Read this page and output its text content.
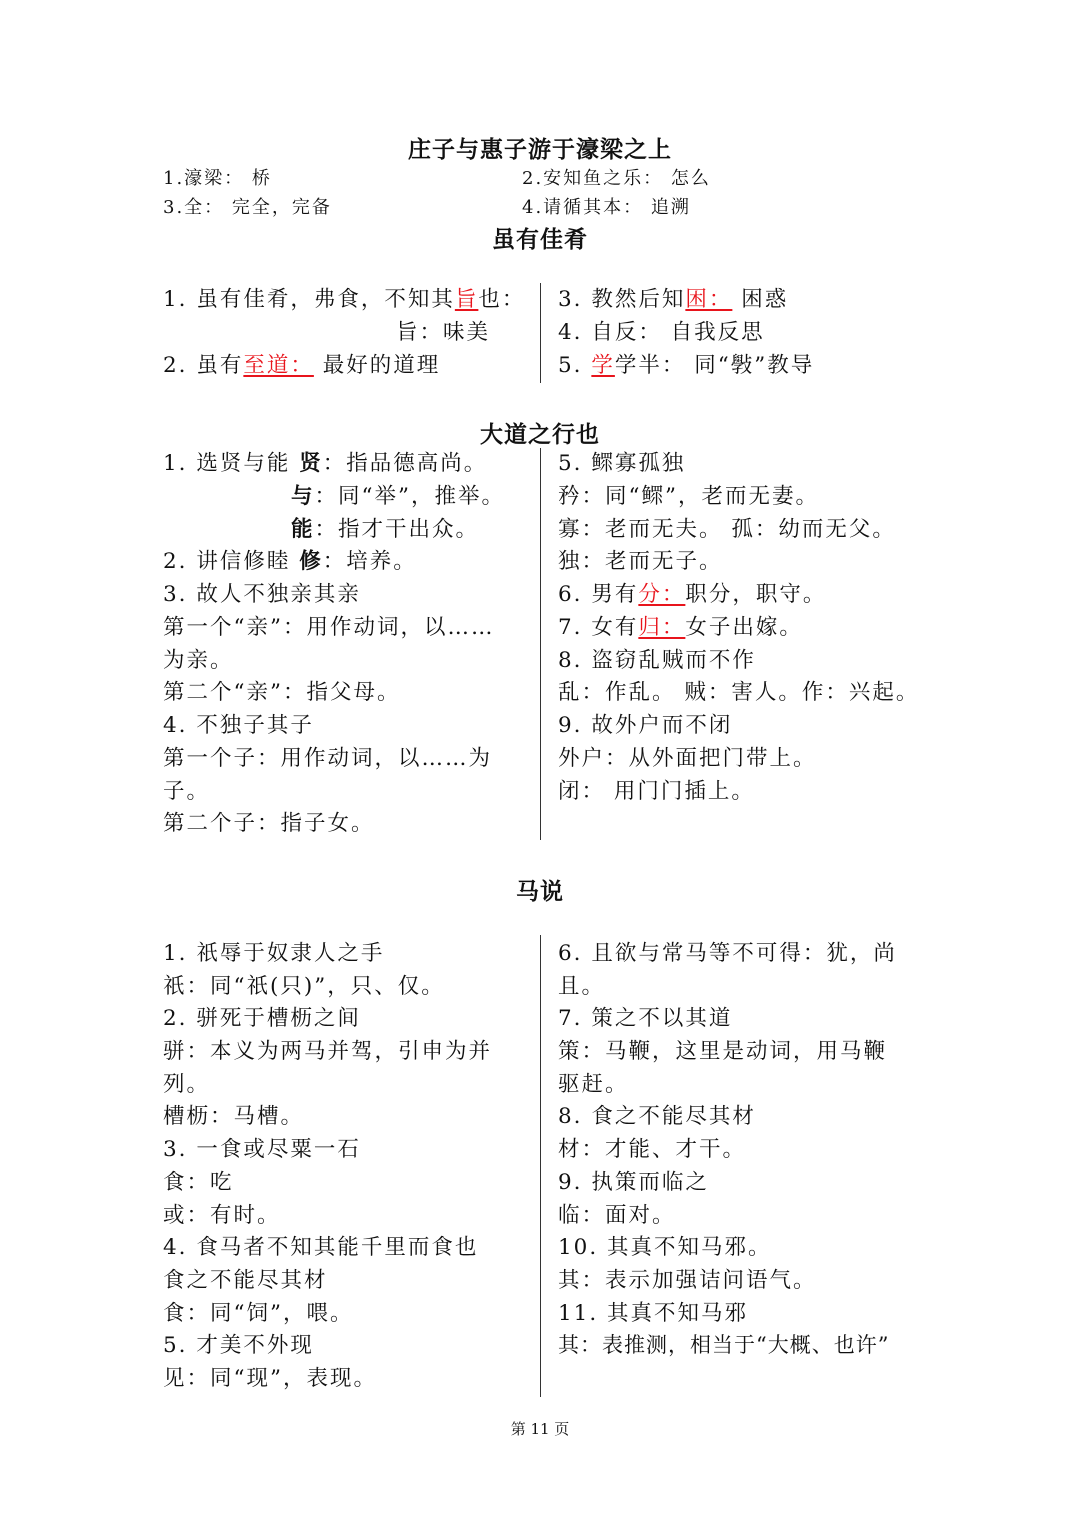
庄子与惠子游于濠梁之上
1.濠梁： 桥	2.安知鱼之乐： 怎么
3.全： 完全，完备	4.请循其本： 追溯
虽有佳肴
1. 虽有佳肴，弗食，不知其旨也：
旨：味美
2. 虽有至道： 最好的道理
3. 教然后知困： 困惑
4. 自反： 自我反思
5. 学学半： 同“斅”教导
大道之行也
1. 选贤与能 贤：指品德高尚。
与：同“举”，推举。
能：指才干出众。
2. 讲信修睦 修：培养。
3. 故人不独亲其亲
第一个“亲”：用作动词，以……
为亲。
第二个“亲”：指父母。
4. 不独子其子
第一个子：用作动词，以……为
子。
第二个子：指子女。
5. 鳏寡孤独
矜：同“鳏”，老而无妻。
寡：老而无夫。 孤：幼而无父。
独：老而无子。
6. 男有分：职分，职守。
7. 女有归：女子出嫁。
8. 盗窃乱贼而不作
乱：作乱。 贼：害人。作：兴起。
9. 故外户而不闭
外户：从外面把门带上。
闭： 用门门插上。
马说
1. 祇辱于奴隶人之手
祇：同“祇(只)”，只、仅。
2. 骈死于槽枥之间
骈：本义为两马并驾，引申为并
列。
槽枥：马槽。
3. 一食或尽粟一石
食：吃
或：有时。
4. 食马者不知其能千里而食也
食之不能尽其材
食：同“饲”，喂。
5. 才美不外现
见：同“现”，表现。
6. 且欲与常马等不可得：犹，尚
且。
7. 策之不以其道
策：马鞭，这里是动词，用马鞭
驱赶。
8. 食之不能尽其材
材：才能、才干。
9. 执策而临之
临：面对。
10. 其真不知马邪。
其：表示加强诘问语气。
11. 其真不知马邪
其：表推测，相当于“大概、也许”
第 11 页
